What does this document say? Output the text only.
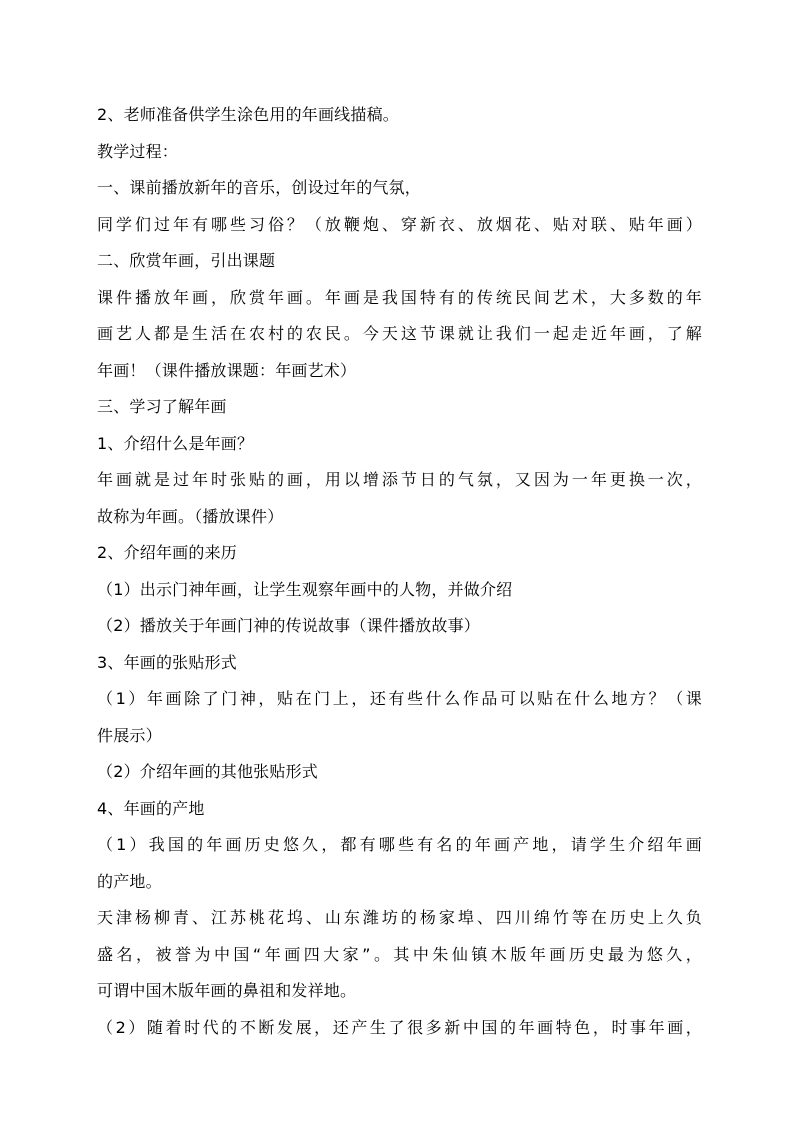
2、老师准备供学生涂色用的年画线描稿。
教学过程：
一、课前播放新年的音乐，创设过年的气氛，
同学们过年有哪些习俗？（放鞭炮、穿新衣、放烟花、贴对联、贴年画）
二、欣赏年画，引出课题
课件播放年画，欣赏年画。年画是我国特有的传统民间艺术，大多数的年
画艺人都是生活在农村的农民。今天这节课就让我们一起走近年画，了解
年画！（课件播放课题：年画艺术）
三、学习了解年画
1、介绍什么是年画？
年画就是过年时张贴的画，用以增添节日的气氛，又因为一年更换一次，
故称为年画。（播放课件）
2、介绍年画的来历
（1）出示门神年画，让学生观察年画中的人物，并做介绍
（2）播放关于年画门神的传说故事（课件播放故事）
3、年画的张贴形式
（1）年画除了门神，贴在门上，还有些什么作品可以贴在什么地方？（课
件展示）
（2）介绍年画的其他张贴形式
4、年画的产地
（1）我国的年画历史悠久，都有哪些有名的年画产地，请学生介绍年画
的产地。
天津杨柳青、江苏桃花坞、山东潍坊的杨家埠、四川绵竹等在历史上久负
盛名，被誉为中国“年画四大家”。其中朱仙镇木版年画历史最为悠久，
可谓中国木版年画的鼻祖和发祥地。
（2）随着时代的不断发展，还产生了很多新中国的年画特色，时事年画，
